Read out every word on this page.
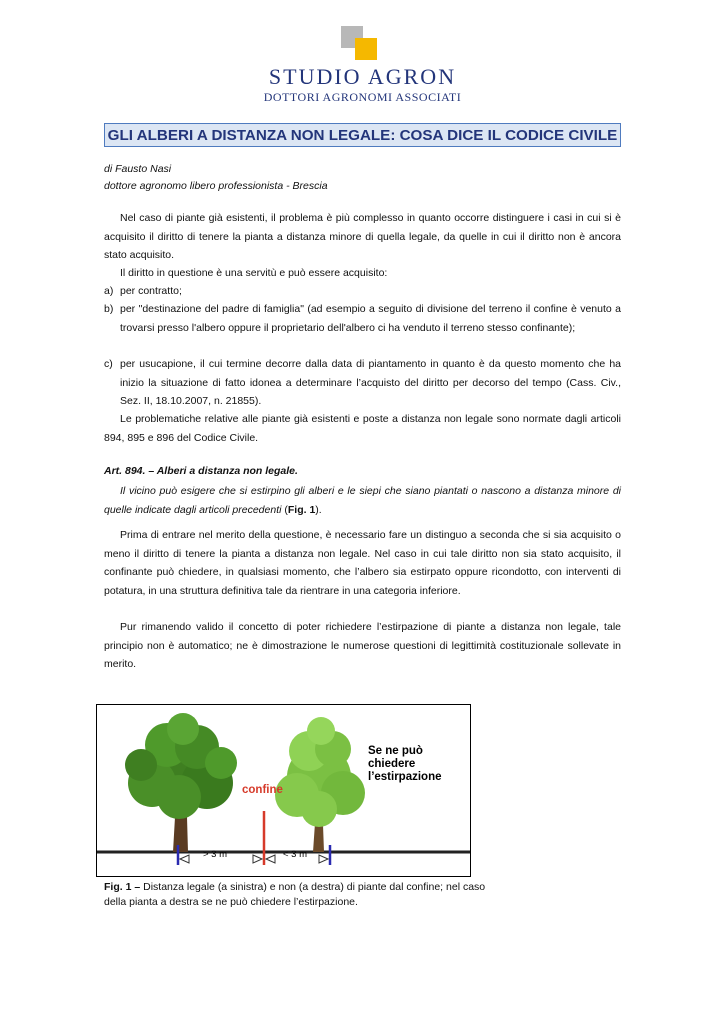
STUDIO AGRON
DOTTORI AGRONOMI ASSOCIATI
GLI ALBERI A DISTANZA NON LEGALE: COSA DICE IL CODICE CIVILE
di Fausto Nasi
dottore agronomo libero professionista - Brescia
Nel caso di piante già esistenti, il problema è più complesso in quanto occorre distinguere i casi in cui si è acquisito il diritto di tenere la pianta a distanza minore di quella legale, da quelle in cui il diritto non è ancora stato acquisito.
Il diritto in questione è una servitù e può essere acquisito:
a) per contratto;
b) per "destinazione del padre di famiglia" (ad esempio a seguito di divisione del terreno il confine è venuto a trovarsi presso l'albero oppure il proprietario dell'albero ci ha venduto il terreno stesso confinante);
c) per usucapione, il cui termine decorre dalla data di piantamento in quanto è da questo momento che ha inizio la situazione di fatto idonea a determinare l’acquisto del diritto per decorso del tempo (Cass. Civ., Sez. II, 18.10.2007, n. 21855).
Le problematiche relative alle piante già esistenti e poste a distanza non legale sono normate dagli articoli 894, 895 e 896 del Codice Civile.
Art. 894. – Alberi a distanza non legale.
Il vicino può esigere che si estirpino gli alberi e le siepi che siano piantati o nascono a distanza minore di quelle indicate dagli articoli precedenti (Fig. 1).
Prima di entrare nel merito della questione, è necessario fare un distinguo a seconda che si sia acquisito o meno il diritto di tenere la pianta a distanza non legale. Nel caso in cui tale diritto non sia stato acquisito, il confinante può chiedere, in qualsiasi momento, che l’albero sia estirpato oppure ricondotto, con interventi di potatura, in una struttura definitiva tale da rientrare in una categoria inferiore.
Pur rimanendo valido il concetto di poter richiedere l’estirpazione di piante a distanza non legale, tale principio non è automatico; ne è dimostrazione le numerose questioni di legittimità costituzionale sollevate in merito.
confine
Se ne può chiedere l’estirpazione
> 3 m	< 3 m
Fig. 1 – Distanza legale (a sinistra) e non (a destra) di piante dal confine; nel caso della pianta a destra se ne può chiedere l’estirpazione.
